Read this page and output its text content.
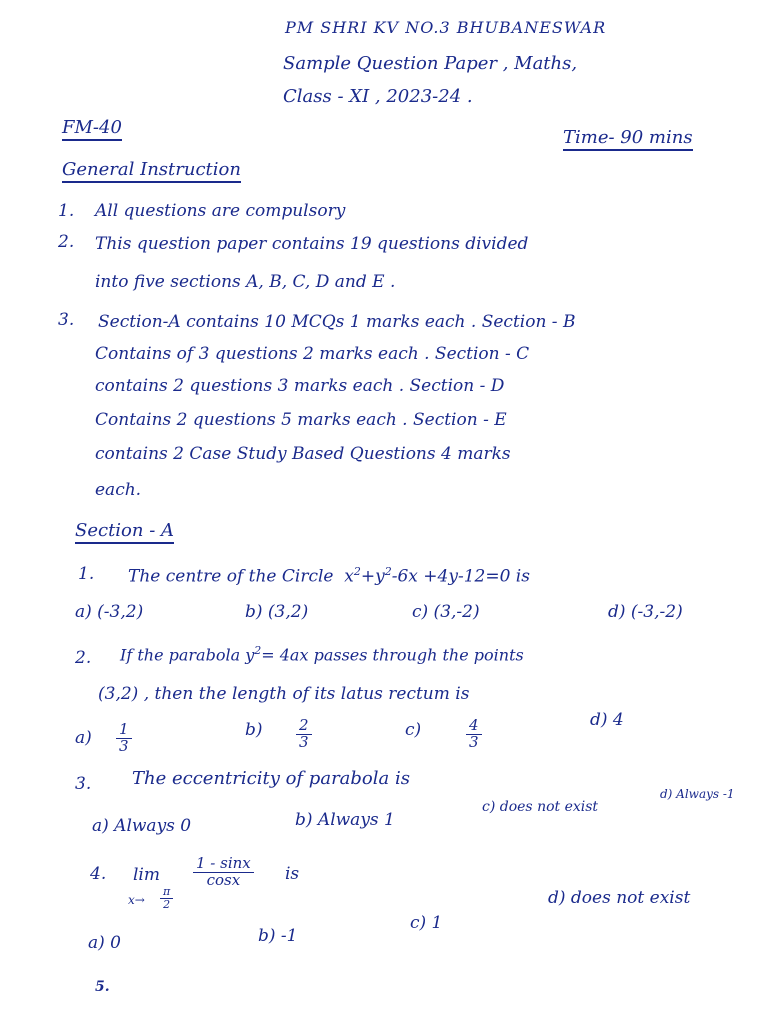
PM SHRI KV NO.3 BHUBANESWAR
Sample Question Paper , Maths,
Class - XI , 2023-24 .
FM-40	Time- 90 mins
General Instruction
1. All questions are compulsory
2. This question paper contains 19 questions divided
into five sections A, B, C, D and E .
3. Section-A contains 10 MCQs 1 marks each . Section - B
Contains of 3 questions 2 marks each . Section - C
contains 2 questions 3 marks each . Section - D
Contains 2 questions 5 marks each . Section - E
contains 2 Case Study Based Questions 4 marks
each.
Section - A
1. The centre of the Circle $x^2+y^2-6x +4y-12=0$ is
a) (-3,2)	b) (3,2)	c) (3,-2)	d) (-3,-2)
2. If the parabola $y^2= 4ax$ passes through the points
(3,2) , then the length of its latus rectum is
$a) \frac{1}{3}$	$b) \frac{2}{3}$	c)	$\frac{4}{3}$	d) 4
3. The eccentricity of parabola is
a) Always 0	b) Always 1
c) does not exist
d) Always -1
4. lim
$x\to \frac{\pi}{2}$
$\frac{1 - \sin x}{\cos x}$ is
a) 0	b) -1
c) 1
d) does not exist
5.
